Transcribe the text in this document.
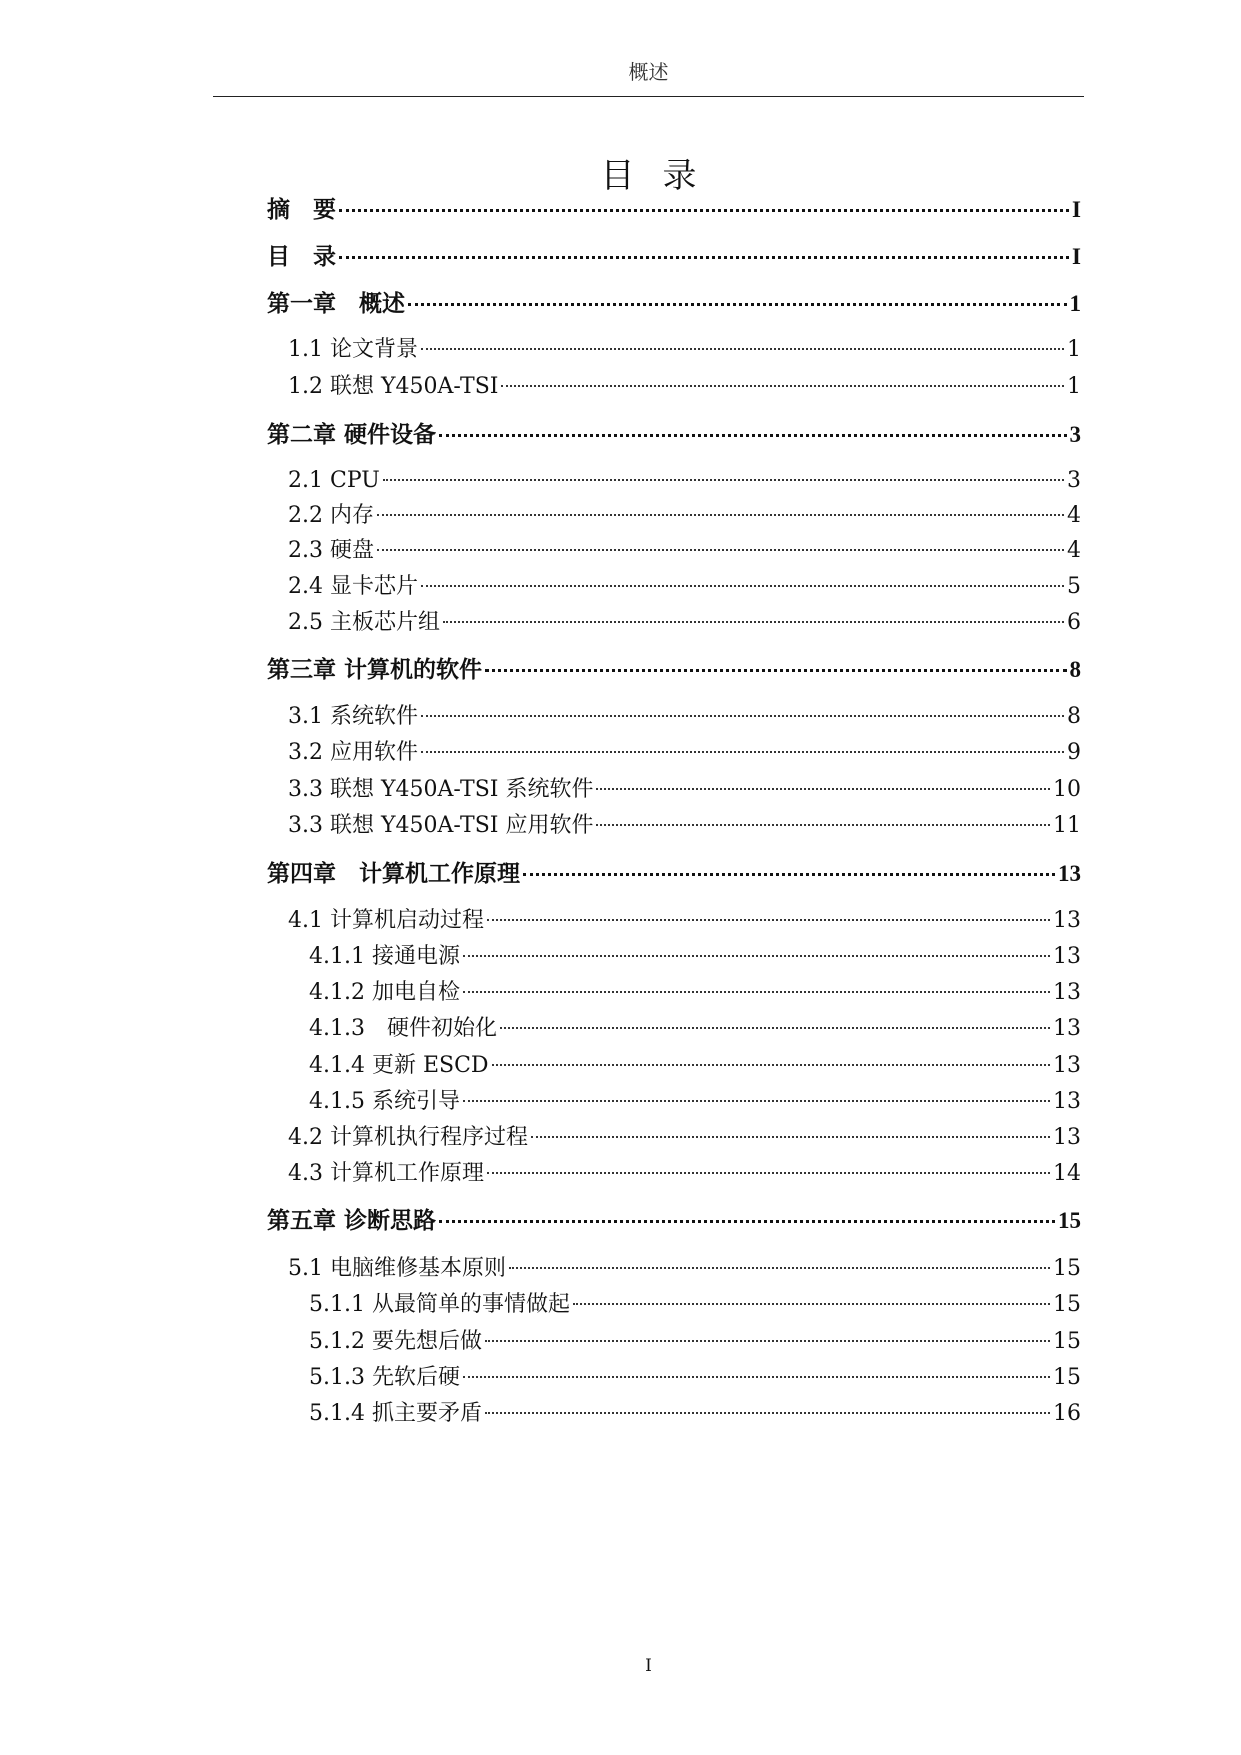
概述
目录
摘　要	I
目　录	I
第一章　概述	1
1.1 论文背景	1
1.2 联想 Y450A-TSI	1
第二章 硬件设备	3
2.1 CPU	3
2.2 内存	4
2.3 硬盘	4
2.4 显卡芯片	5
2.5 主板芯片组	6
第三章 计算机的软件	8
3.1 系统软件	8
3.2 应用软件	9
3.3 联想 Y450A-TSI 系统软件	10
3.3 联想 Y450A-TSI 应用软件	11
第四章　计算机工作原理	13
4.1 计算机启动过程	13
4.1.1 接通电源	13
4.1.2 加电自检	13
4.1.3　硬件初始化	13
4.1.4 更新 ESCD	13
4.1.5 系统引导	13
4.2 计算机执行程序过程	13
4.3 计算机工作原理	14
第五章 诊断思路	15
5.1 电脑维修基本原则	15
5.1.1 从最简单的事情做起	15
5.1.2 要先想后做	15
5.1.3 先软后硬	15
5.1.4 抓主要矛盾	16
I
